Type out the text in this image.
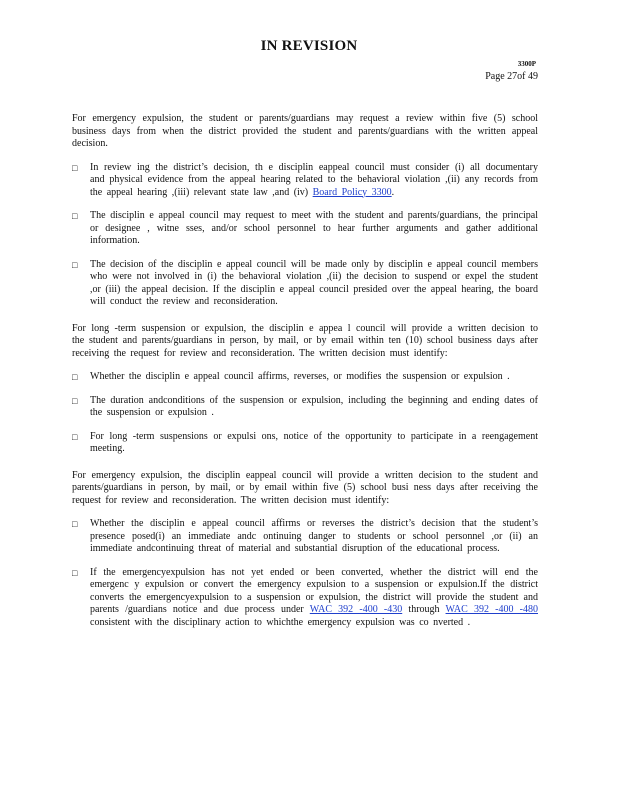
IN REVISION
3300P
Page 27of 49

For emergency expulsion, the student or parents/guardians may request a review within five (5) school business days from when the district provided the student and parents/guardians with the written appeal decision.

□ In review ing the district’s decision, th e disciplin eappeal council must consider (i) all documentary and physical evidence from the appeal hearing related to the behavioral violation ,(ii) any records from the appeal hearing ,(iii) relevant state law ,and (iv) Board Policy 3300.
□ The disciplin e appeal council may request to meet with the student and parents/guardians, the principal or designee , witne sses, and/or school personnel to hear further arguments and gather additional information.
□ The decision of the disciplin e appeal council will be made only by disciplin e appeal council members who were not involved in (i) the behavioral violation ,(ii) the decision to suspend or expel the student ,or (iii) the appeal decision. If the disciplin e appeal council presided over the appeal hearing, the board will conduct the review and reconsideration.

For long -term suspension or expulsion, the disciplin e appea l council will provide a written decision to the student and parents/guardians in person, by mail, or by email within ten (10) school business days after receiving the request for review and reconsideration. The written decision must identify:

□ Whether the disciplin e appeal council affirms, reverses, or modifies the suspension or expulsion .
□ The duration andconditions of the suspension or expulsion, including the beginning and ending dates of the suspension or expulsion .
□ For long -term suspensions or expulsi ons, notice of the opportunity to participate in a reengagement meeting.

For emergency expulsion, the disciplin eappeal council will provide a written decision to the student and parents/guardians in person, by mail, or by email within five (5) school busi ness days after receiving the request for review and reconsideration. The written decision must identify:

□ Whether the disciplin e appeal council affirms or reverses the district’s decision that the student’s presence posed(i) an immediate andc ontinuing danger to students or school personnel ,or (ii) an immediate andcontinuing threat of material and substantial disruption of the educational process.
□ If the emergencyexpulsion has not yet ended or been converted, whether the district will end the emergenc y expulsion or convert the emergency expulsion to a suspension or expulsion.If the district converts the emergencyexpulsion to a suspension or expulsion, the district will provide the student and parents /guardians notice and due process under WAC 392 -400 -430 through WAC 392 -400 -480 consistent with the disciplinary action to whichthe emergency expulsion was co nverted .
